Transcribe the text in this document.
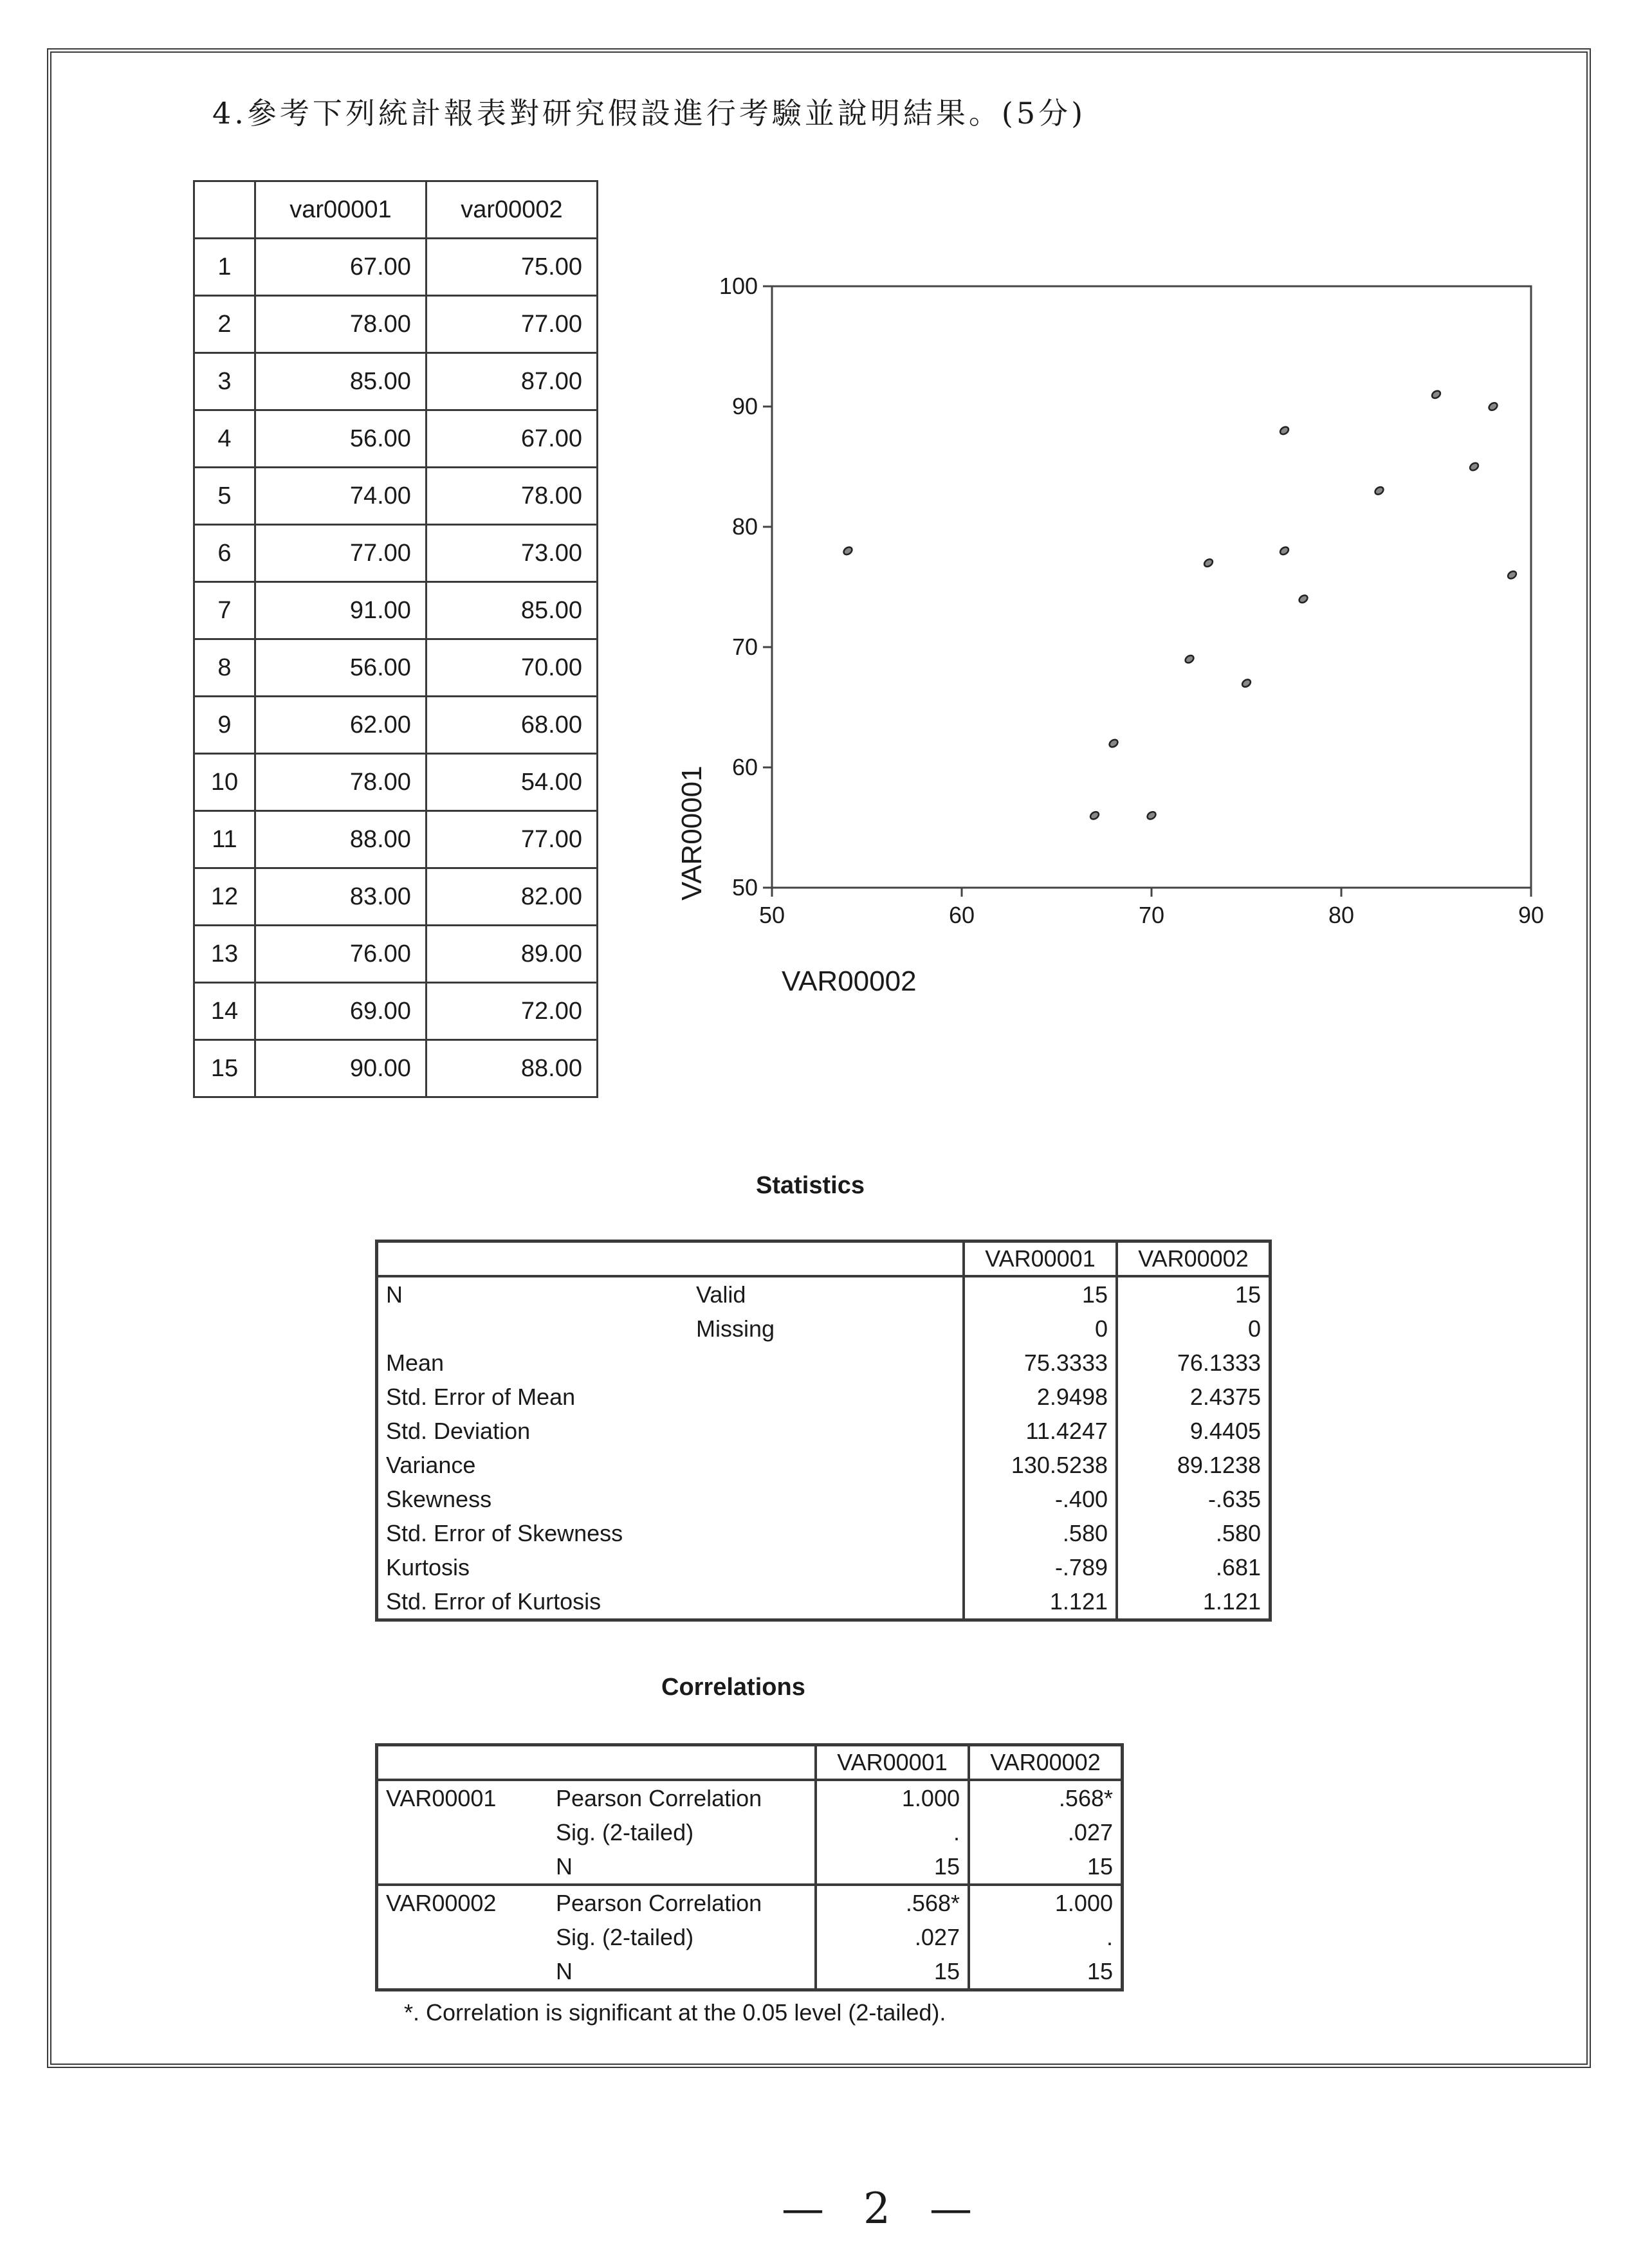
4.參考下列統計報表對研究假設進行考驗並說明結果。(5分)
	var00001	var00002
1	67.00	75.00
2	78.00	77.00
3	85.00	87.00
4	56.00	67.00
5	74.00	78.00
6	77.00	73.00
7	91.00	85.00
8	56.00	70.00
9	62.00	68.00
10	78.00	54.00
11	88.00	77.00
12	83.00	82.00
13	76.00	89.00
14	69.00	72.00
15	90.00	88.00
50	60	70	80	90
50
60
70
80
90
100
VAR00002
VAR00001
Statistics
		VAR00001	VAR00002
N	Valid	15	15
	Missing	0	0
Mean		75.3333	76.1333
Std. Error of Mean		2.9498	2.4375
Std. Deviation		11.4247	9.4405
Variance		130.5238	89.1238
Skewness		-.400	-.635
Std. Error of Skewness		.580	.580
Kurtosis		-.789	.681
Std. Error of Kurtosis		1.121	1.121
Correlations
		VAR00001	VAR00002
VAR00001	Pearson Correlation	1.000	.568*
	Sig. (2-tailed)	.	.027
	N	15	15
VAR00002	Pearson Correlation	.568*	1.000
	Sig. (2-tailed)	.027	.
	N	15	15
*. Correlation is significant at the 0.05 level (2-tailed).
— 2 —
